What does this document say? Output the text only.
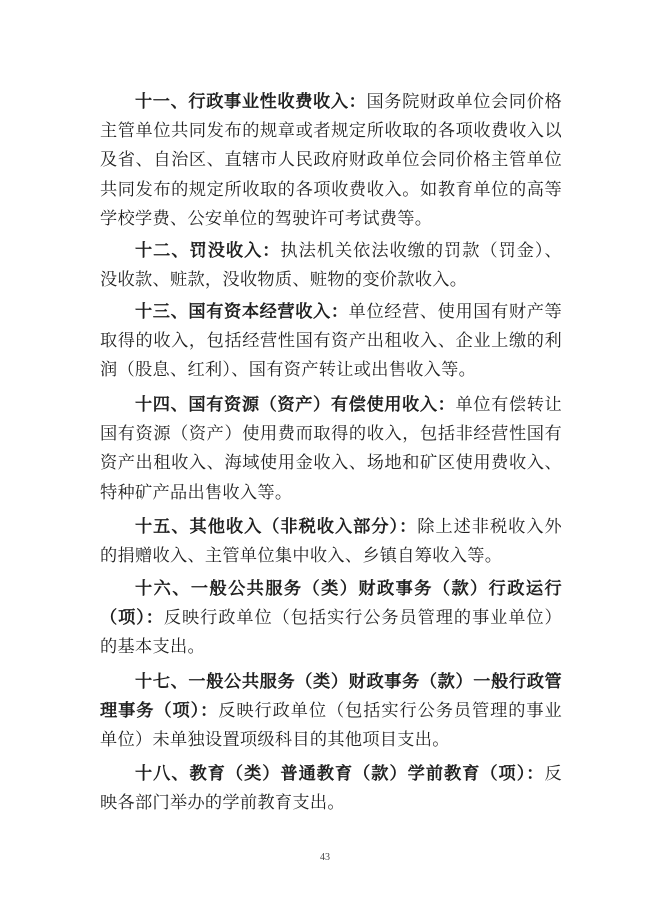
十一、行政事业性收费收入：国务院财政单位会同价格主管单位共同发布的规章或者规定所收取的各项收费收入以及省、自治区、直辖市人民政府财政单位会同价格主管单位共同发布的规定所收取的各项收费收入。如教育单位的高等学校学费、公安单位的驾驶许可考试费等。

十二、罚没收入：执法机关依法收缴的罚款（罚金）、没收款、赃款，没收物质、赃物的变价款收入。

十三、国有资本经营收入：单位经营、使用国有财产等取得的收入，包括经营性国有资产出租收入、企业上缴的利润（股息、红利）、国有资产转让或出售收入等。

十四、国有资源（资产）有偿使用收入：单位有偿转让国有资源（资产）使用费而取得的收入，包括非经营性国有资产出租收入、海域使用金收入、场地和矿区使用费收入、特种矿产品出售收入等。

十五、其他收入（非税收入部分）：除上述非税收入外的捐赠收入、主管单位集中收入、乡镇自筹收入等。

十六、一般公共服务（类）财政事务（款）行政运行（项）：反映行政单位（包括实行公务员管理的事业单位）的基本支出。

十七、一般公共服务（类）财政事务（款）一般行政管理事务（项）：反映行政单位（包括实行公务员管理的事业单位）未单独设置项级科目的其他项目支出。

十八、教育（类）普通教育（款）学前教育（项）：反映各部门举办的学前教育支出。

43
